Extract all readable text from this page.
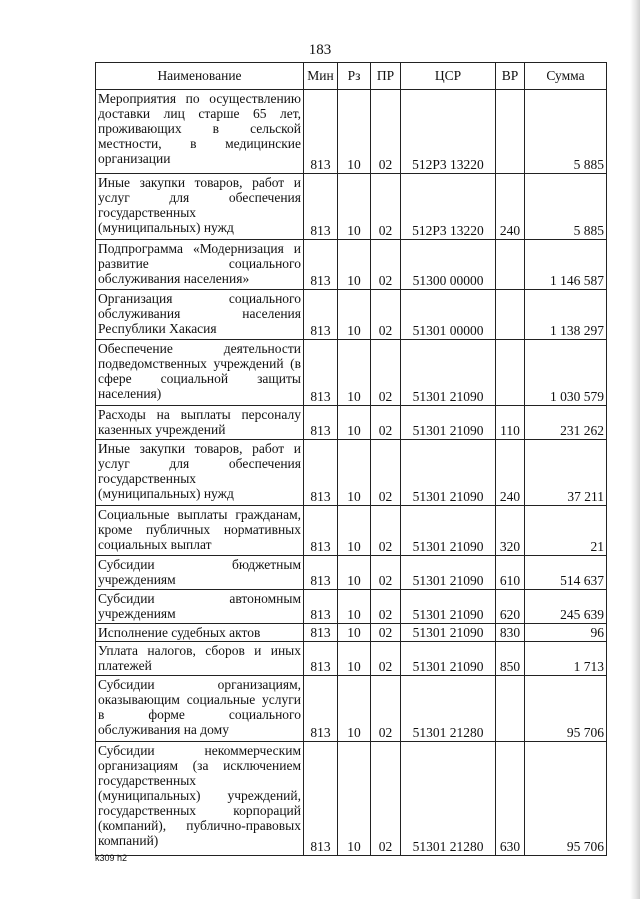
183
Наименование	Мин	Рз	ПР	ЦСР	ВР	Сумма
Мероприятия по осуществлению доставки лиц старше 65 лет, проживающих в сельской местности, в медицинские организации	813	10	02	512Р3 13220		5 885
Иные закупки товаров, работ и услуг для обеспечения государственных (муниципальных) нужд	813	10	02	512Р3 13220	240	5 885
Подпрограмма «Модернизация и развитие социального обслуживания населения»	813	10	02	51300 00000		1 146 587
Организация социального обслуживания населения Республики Хакасия	813	10	02	51301 00000		1 138 297
Обеспечение деятельности подведомственных учреждений (в сфере социальной защиты населения)	813	10	02	51301 21090		1 030 579
Расходы на выплаты персоналу казенных учреждений	813	10	02	51301 21090	110	231 262
Иные закупки товаров, работ и услуг для обеспечения государственных (муниципальных) нужд	813	10	02	51301 21090	240	37 211
Социальные выплаты гражданам, кроме публичных нормативных социальных выплат	813	10	02	51301 21090	320	21
Субсидии бюджетным учреждениям	813	10	02	51301 21090	610	514 637
Субсидии автономным учреждениям	813	10	02	51301 21090	620	245 639
Исполнение судебных актов	813	10	02	51301 21090	830	96
Уплата налогов, сборов и иных платежей	813	10	02	51301 21090	850	1 713
Субсидии организациям, оказывающим социальные услуги в форме социального обслуживания на дому	813	10	02	51301 21280		95 706
Субсидии некоммерческим организациям (за исключением государственных (муниципальных) учреждений, государственных корпораций (компаний), публично-правовых компаний)	813	10	02	51301 21280	630	95 706
k309 h2
